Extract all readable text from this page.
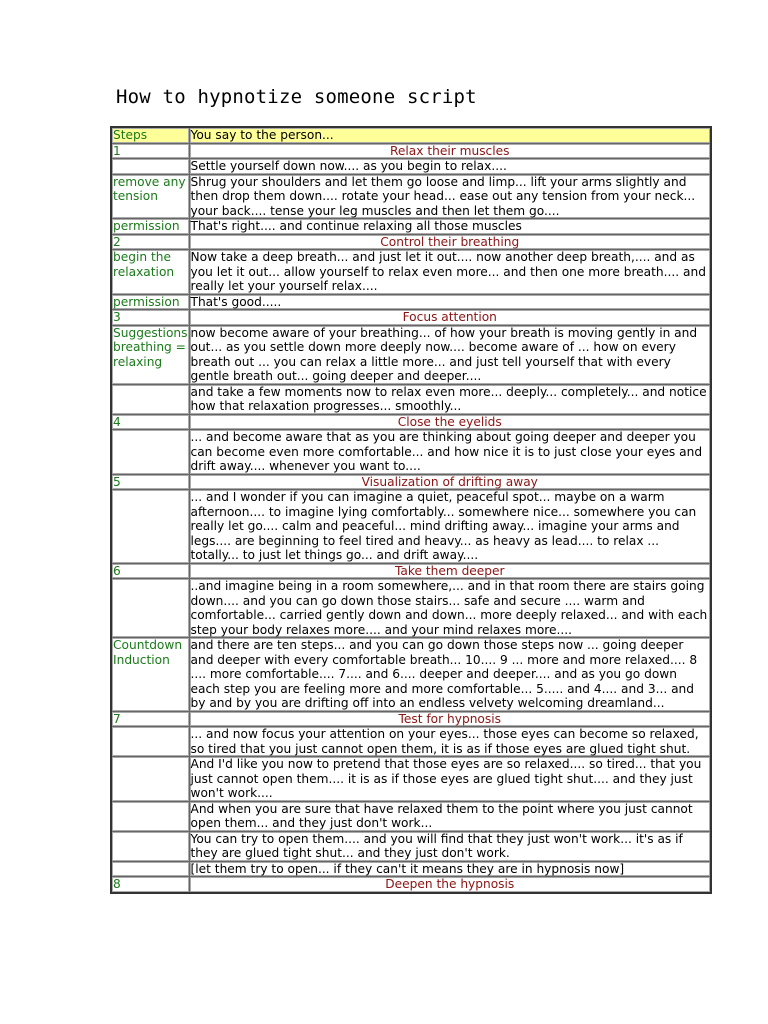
How to hypnotize someone script
Steps	You say to the person...
1	Relax their muscles
	Settle yourself down now.... as you begin to relax....
remove any tension	Shrug your shoulders and let them go loose and limp... lift your arms slightly and then drop them down.... rotate your head... ease out any tension from your neck... your back.... tense your leg muscles and then let them go....
permission	That's right.... and continue relaxing all those muscles
2	Control their breathing
begin the relaxation	Now take a deep breath... and just let it out.... now another deep breath,.... and as you let it out... allow yourself to relax even more... and then one more breath.... and really let your yourself relax....
permission	That's good.....
3	Focus attention
Suggestions breathing = relaxing	now become aware of your breathing... of how your breath is moving gently in and out... as you settle down more deeply now.... become aware of ... how on every breath out ... you can relax a little more... and just tell yourself that with every gentle breath out... going deeper and deeper....
	and take a few moments now to relax even more... deeply... completely... and notice how that relaxation progresses... smoothly...
4	Close the eyelids
	... and become aware that as you are thinking about going deeper and deeper you can become even more comfortable... and how nice it is to just close your eyes and drift away.... whenever you want to....
5	Visualization of drifting away
	... and I wonder if you can imagine a quiet, peaceful spot... maybe on a warm afternoon.... to imagine lying comfortably... somewhere nice... somewhere you can really let go.... calm and peaceful... mind drifting away... imagine your arms and legs.... are beginning to feel tired and heavy... as heavy as lead.... to relax ... totally... to just let things go... and drift away....
6	Take them deeper
	..and imagine being in a room somewhere,... and in that room there are stairs going down.... and you can go down those stairs... safe and secure .... warm and comfortable... carried gently down and down... more deeply relaxed... and with each step your body relaxes more.... and your mind relaxes more....
Countdown Induction	and there are ten steps... and you can go down those steps now ... going deeper and deeper with every comfortable breath... 10.... 9 ... more and more relaxed.... 8 .... more comfortable.... 7.... and 6.... deeper and deeper.... and as you go down each step you are feeling more and more comfortable... 5..... and 4.... and 3... and by and by you are drifting off into an endless velvety welcoming dreamland...
7	Test for hypnosis
	... and now focus your attention on your eyes... those eyes can become so relaxed, so tired that you just cannot open them, it is as if those eyes are glued tight shut.
	And I'd like you now to pretend that those eyes are so relaxed.... so tired... that you just cannot open them.... it is as if those eyes are glued tight shut.... and they just won't work....
	And when you are sure that have relaxed them to the point where you just cannot open them... and they just don't work...
	You can try to open them.... and you will find that they just won't work... it's as if they are glued tight shut... and they just don't work.
	[let them try to open... if they can't it means they are in hypnosis now]
8	Deepen the hypnosis
